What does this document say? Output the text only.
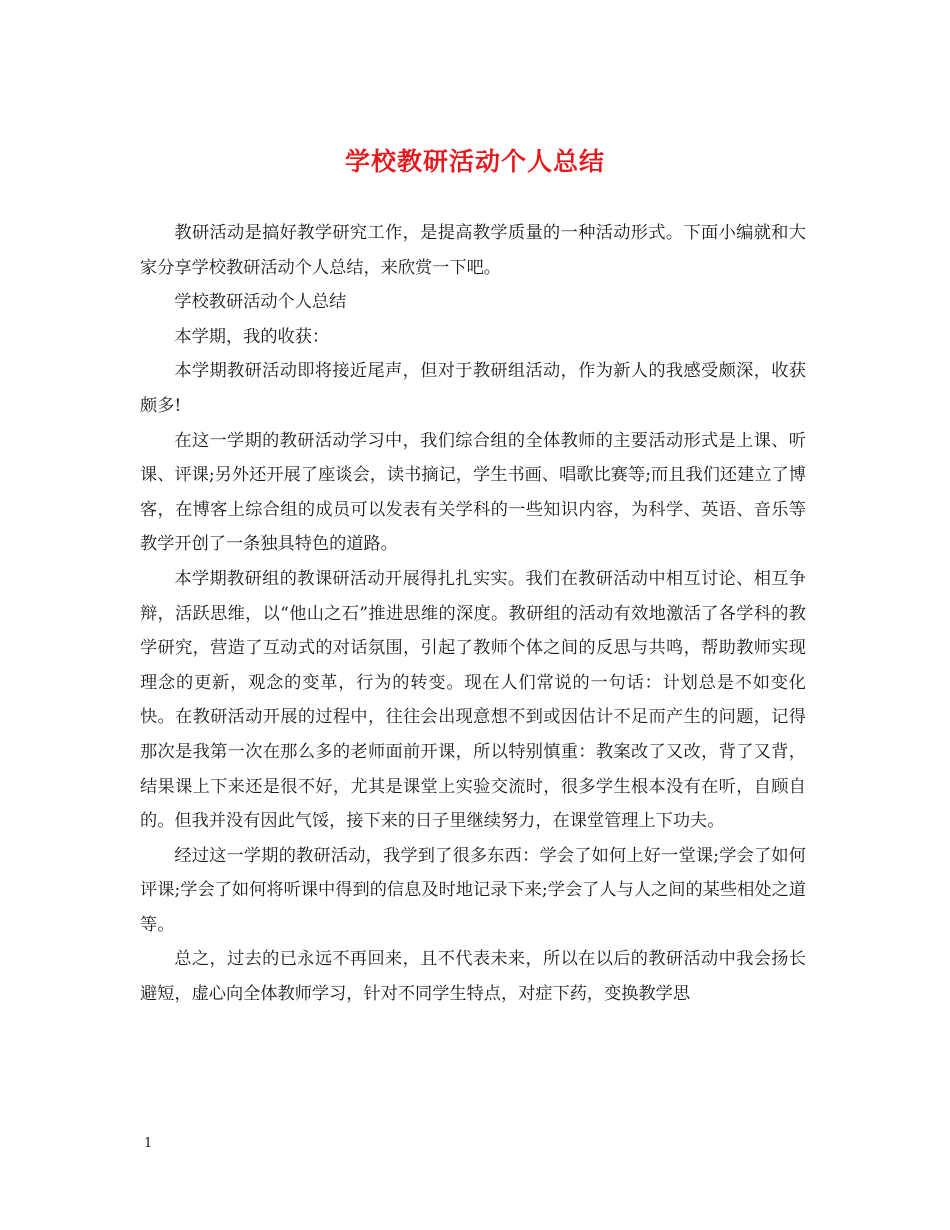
学校教研活动个人总结

教研活动是搞好教学研究工作，是提高教学质量的一种活动形式。下面小编就和大家分享学校教研活动个人总结，来欣赏一下吧。

学校教研活动个人总结

本学期，我的收获：

本学期教研活动即将接近尾声，但对于教研组活动，作为新人的我感受颇深，收获颇多!

在这一学期的教研活动学习中，我们综合组的全体教师的主要活动形式是上课、听课、评课;另外还开展了座谈会，读书摘记，学生书画、唱歌比赛等;而且我们还建立了博客，在博客上综合组的成员可以发表有关学科的一些知识内容，为科学、英语、音乐等教学开创了一条独具特色的道路。

本学期教研组的教课研活动开展得扎扎实实。我们在教研活动中相互讨论、相互争辩，活跃思维，以“他山之石”推进思维的深度。教研组的活动有效地激活了各学科的教学研究，营造了互动式的对话氛围，引起了教师个体之间的反思与共鸣，帮助教师实现理念的更新，观念的变革，行为的转变。现在人们常说的一句话：计划总是不如变化快。在教研活动开展的过程中，往往会出现意想不到或因估计不足而产生的问题，记得那次是我第一次在那么多的老师面前开课，所以特别慎重：教案改了又改，背了又背，结果课上下来还是很不好，尤其是课堂上实验交流时，很多学生根本没有在听，自顾自的。但我并没有因此气馁，接下来的日子里继续努力，在课堂管理上下功夫。

经过这一学期的教研活动，我学到了很多东西：学会了如何上好一堂课;学会了如何评课;学会了如何将听课中得到的信息及时地记录下来;学会了人与人之间的某些相处之道等。

总之，过去的已永远不再回来，且不代表未来，所以在以后的教研活动中我会扬长避短，虚心向全体教师学习，针对不同学生特点，对症下药，变换教学思

1
